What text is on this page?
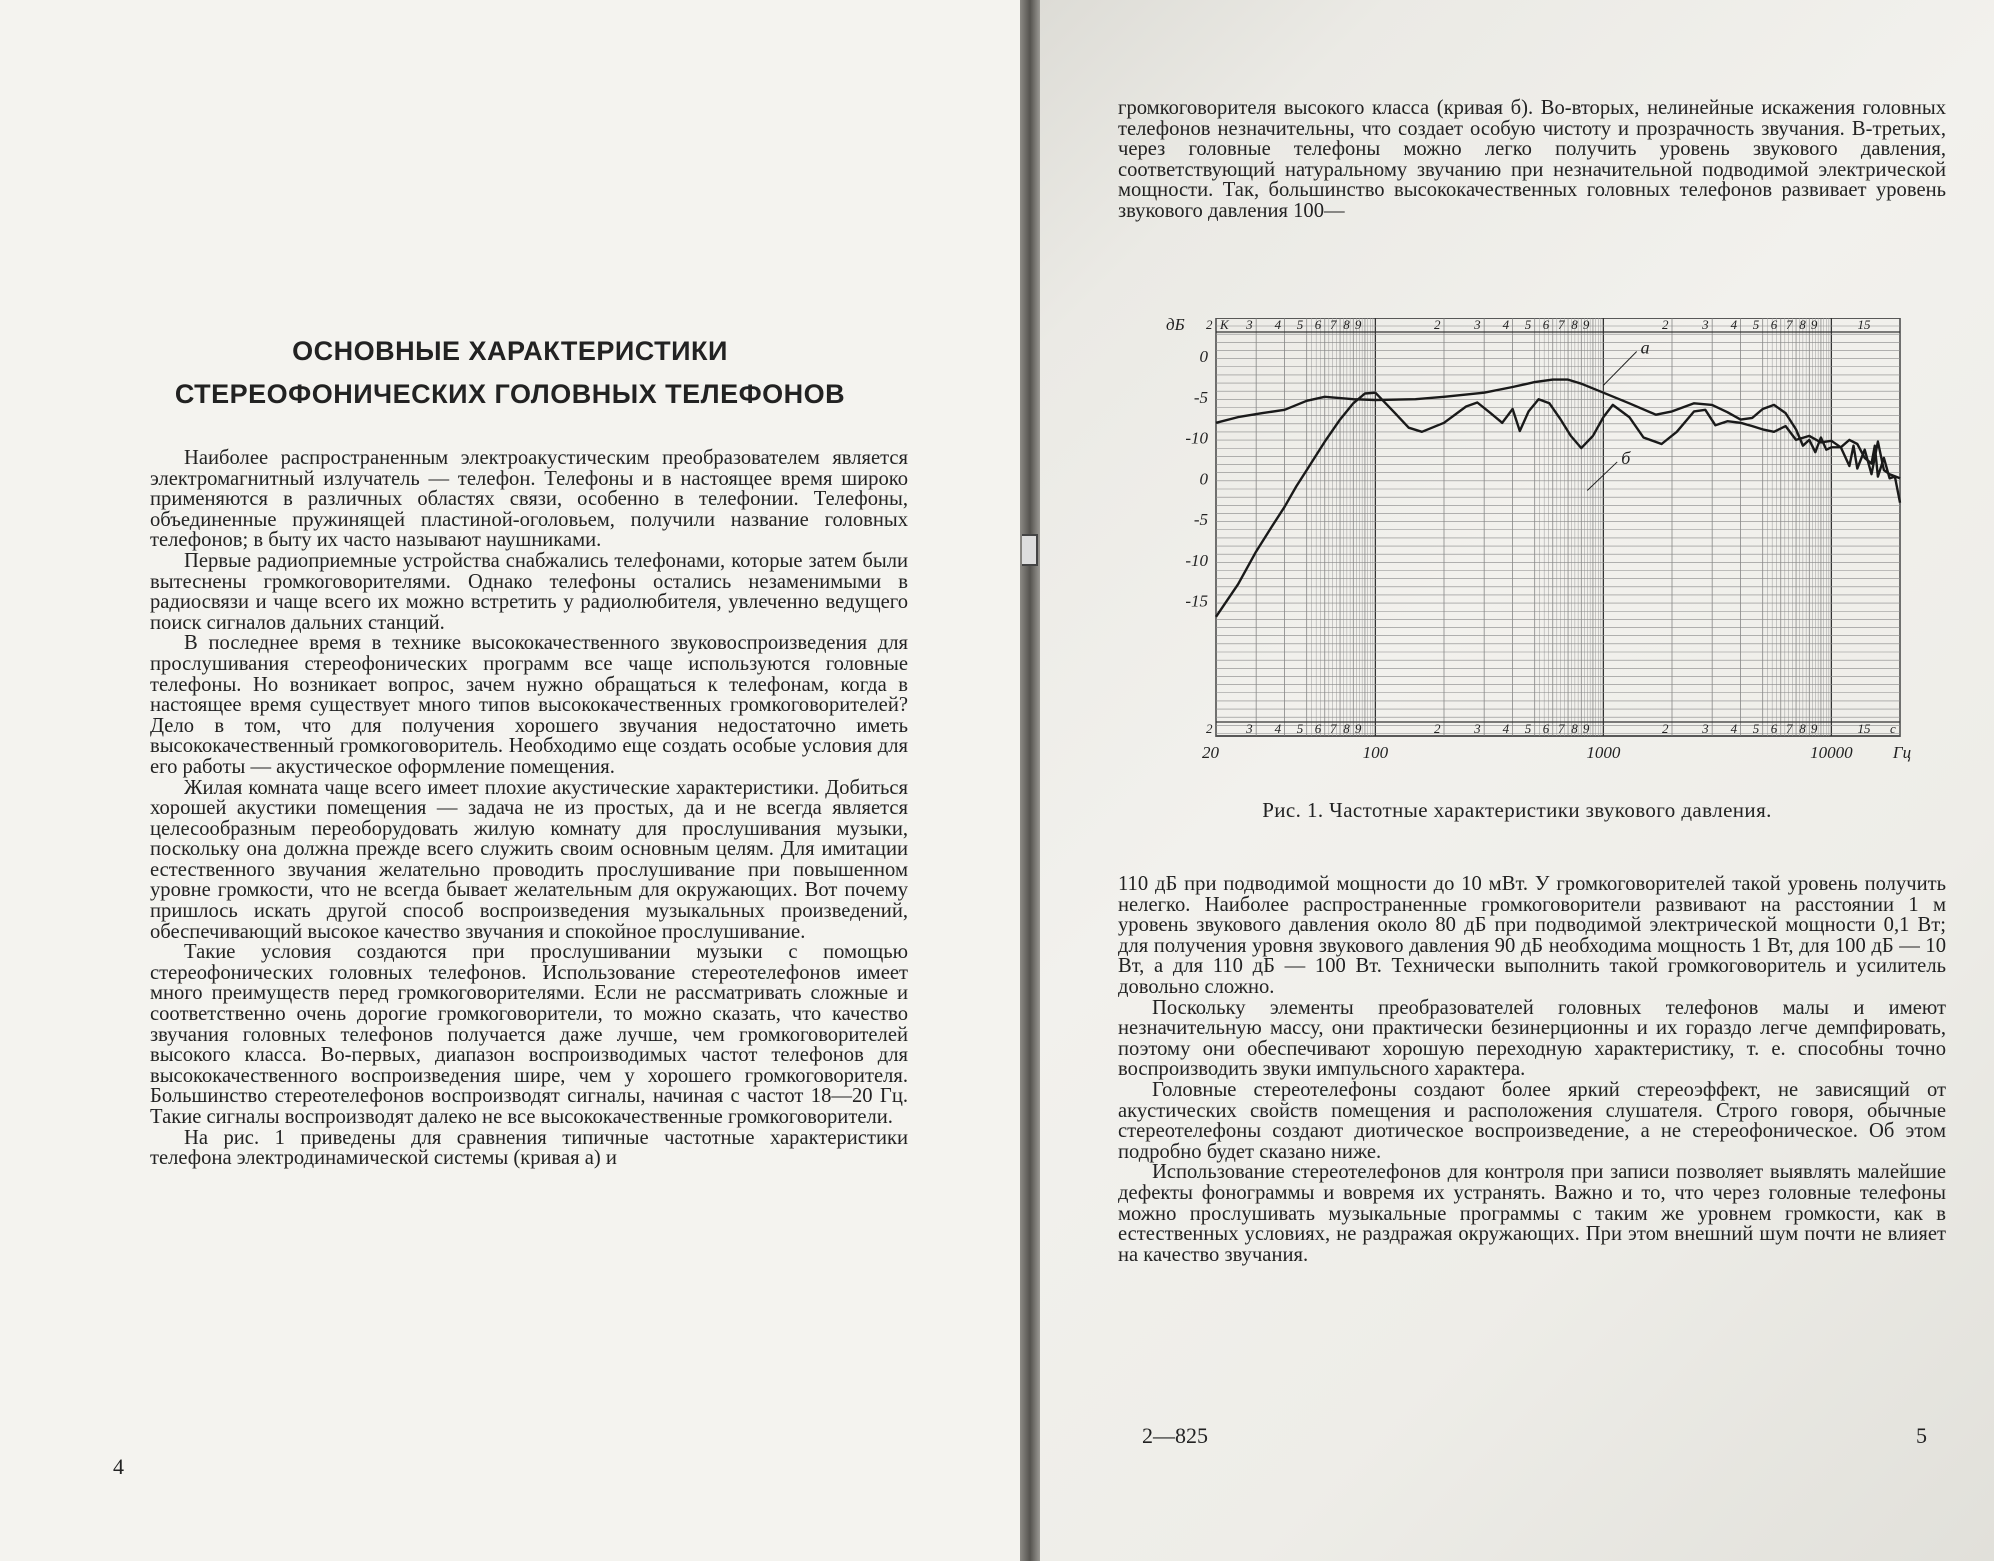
ОСНОВНЫЕ ХАРАКТЕРИСТИКИ
СТЕРЕОФОНИЧЕСКИХ ГОЛОВНЫХ ТЕЛЕФОНОВ

Наиболее распространенным электроакустическим преобразователем является электромагнитный излучатель — телефон. Телефоны и в настоящее время широко применяются в различных областях связи, особенно в телефонии. Телефоны, объединенные пружинящей пластиной-оголовьем, получили название головных телефонов; в быту их часто называют наушниками.

Первые радиоприемные устройства снабжались телефонами, которые затем были вытеснены громкоговорителями. Однако телефоны остались незаменимыми в радиосвязи и чаще всего их можно встретить у радиолюбителя, увлеченно ведущего поиск сигналов дальних станций.

В последнее время в технике высококачественного звуковоспроизведения для прослушивания стереофонических программ все чаще используются головные телефоны. Но возникает вопрос, зачем нужно обращаться к телефонам, когда в настоящее время существует много типов высококачественных громкоговорителей? Дело в том, что для получения хорошего звучания недостаточно иметь высококачественный громкоговоритель. Необходимо еще создать особые условия для его работы — акустическое оформление помещения.

Жилая комната чаще всего имеет плохие акустические характеристики. Добиться хорошей акустики помещения — задача не из простых, да и не всегда является целесообразным переоборудовать жилую комнату для прослушивания музыки, поскольку она должна прежде всего служить своим основным целям. Для имитации естественного звучания желательно проводить прослушивание при повышенном уровне громкости, что не всегда бывает желательным для окружающих. Вот почему пришлось искать другой способ воспроизведения музыкальных произведений, обеспечивающий высокое качество звучания и спокойное прослушивание.

Такие условия создаются при прослушивании музыки с помощью стереофонических головных телефонов. Использование стереотелефонов имеет много преимуществ перед громкоговорителями. Если не рассматривать сложные и соответственно очень дорогие громкоговорители, то можно сказать, что качество звучания головных телефонов получается даже лучше, чем громкоговорителей высокого класса. Во-первых, диапазон воспроизводимых частот телефонов для высококачественного воспроизведения шире, чем у хорошего громкоговорителя. Большинство стереотелефонов воспроизводят сигналы, начиная с частот 18—20 Гц. Такие сигналы воспроизводят далеко не все высококачественные громкоговорители.

На рис. 1 приведены для сравнения типичные частотные характеристики телефона электродинамической системы (кривая а) и

4

громкоговорителя высокого класса (кривая б). Во-вторых, нелинейные искажения головных телефонов незначительны, что создает особую чистоту и прозрачность звучания. В-третьих, через головные телефоны можно легко получить уровень звукового давления, соответствующий натуральному звучанию при незначительной подводимой электрической мощности. Так, большинство высококачественных головных телефонов развивает уровень звукового давления 100—

2
2
3
3
4
4
5
5
6
6
7
7
8
8
9
9
2
2
3
3
4
4
5
5
6
6
7
7
8
8
9
9
2
2
3
3
4
4
5
5
6
6
7
7
8
8
9
9
К
с
15
15
дБ
0
-5
-10
0
-5
-10
-15
20	100	1000	10000 Гц
а
б
Рис. 1. Частотные характеристики звукового давления.

110 дБ при подводимой мощности до 10 мВт. У громкоговорителей такой уровень получить нелегко. Наиболее распространенные громкоговорители развивают на расстоянии 1 м уровень звукового давления около 80 дБ при подводимой электрической мощности 0,1 Вт; для получения уровня звукового давления 90 дБ необходима мощность 1 Вт, для 100 дБ — 10 Вт, а для 110 дБ — 100 Вт. Технически выполнить такой громкоговоритель и усилитель довольно сложно.

Поскольку элементы преобразователей головных телефонов малы и имеют незначительную массу, они практически безинерционны и их гораздо легче демпфировать, поэтому они обеспечивают хорошую переходную характеристику, т. е. способны точно воспроизводить звуки импульсного характера.

Головные стереотелефоны создают более яркий стереоэффект, не зависящий от акустических свойств помещения и расположения слушателя. Строго говоря, обычные стереотелефоны создают диотическое воспроизведение, а не стереофоническое. Об этом подробно будет сказано ниже.

Использование стереотелефонов для контроля при записи позволяет выявлять малейшие дефекты фонограммы и вовремя их устранять. Важно и то, что через головные телефоны можно прослушивать музыкальные программы с таким же уровнем громкости, как в естественных условиях, не раздражая окружающих. При этом внешний шум почти не влияет на качество звучания.

2—825	5
